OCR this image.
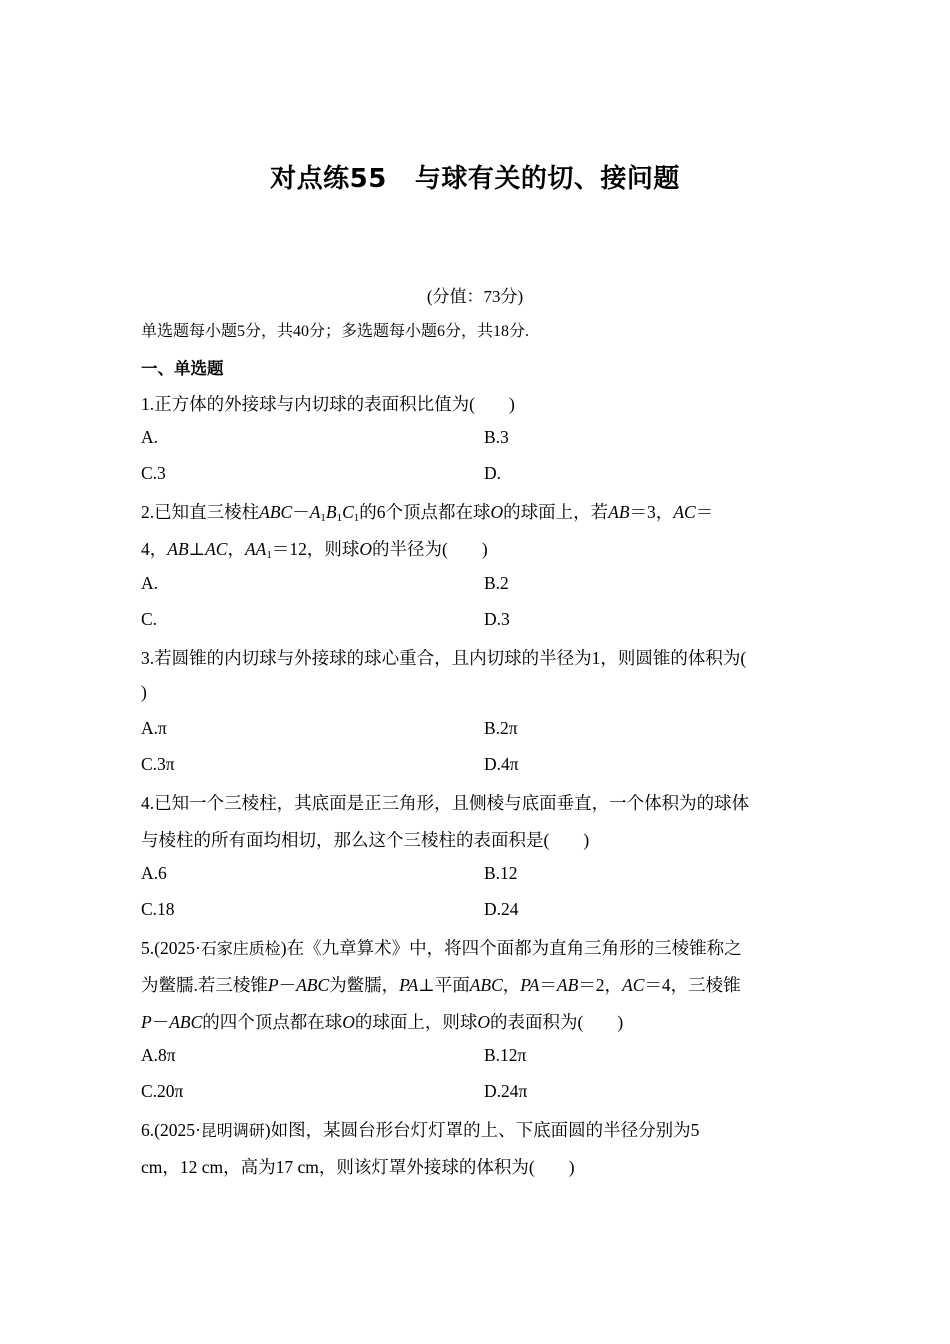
对点练55 与球有关的切、接问题
(分值：73分)
单选题每小题5分，共40分；多选题每小题6分，共18分.
一、单选题
1.正方体的外接球与内切球的表面积比值为( )
A.	B.3
C.3	D.
2.已知直三棱柱$ABC-A_1B_1C_1$的6个顶点都在球O的球面上，若AB＝3，AC＝
4，AB⊥AC，$AA_1=12$，则球O的半径为( )
A.	B.2
C.	D.3
3.若圆锥的内切球与外接球的球心重合，且内切球的半径为1，则圆锥的体积为(
)
A.π	B.2π
C.3π	D.4π
4.已知一个三棱柱，其底面是正三角形，且侧棱与底面垂直，一个体积为的球体
与棱柱的所有面均相切，那么这个三棱柱的表面积是( )
A.6	B.12
C.18	D.24
5.(2025·石家庄质检)在《九章算术》中，将四个面都为直角三角形的三棱锥称之
为鳖臑.若三棱锥P－ABC为鳖臑，PA⊥平面ABC，PA＝AB＝2，AC＝4，三棱锥
P－ABC的四个顶点都在球O的球面上，则球O的表面积为( )
A.8π	B.12π
C.20π	D.24π
6.(2025·昆明调研)如图，某圆台形台灯灯罩的上、下底面圆的半径分别为5
cm，12 cm，高为17 cm，则该灯罩外接球的体积为( )
